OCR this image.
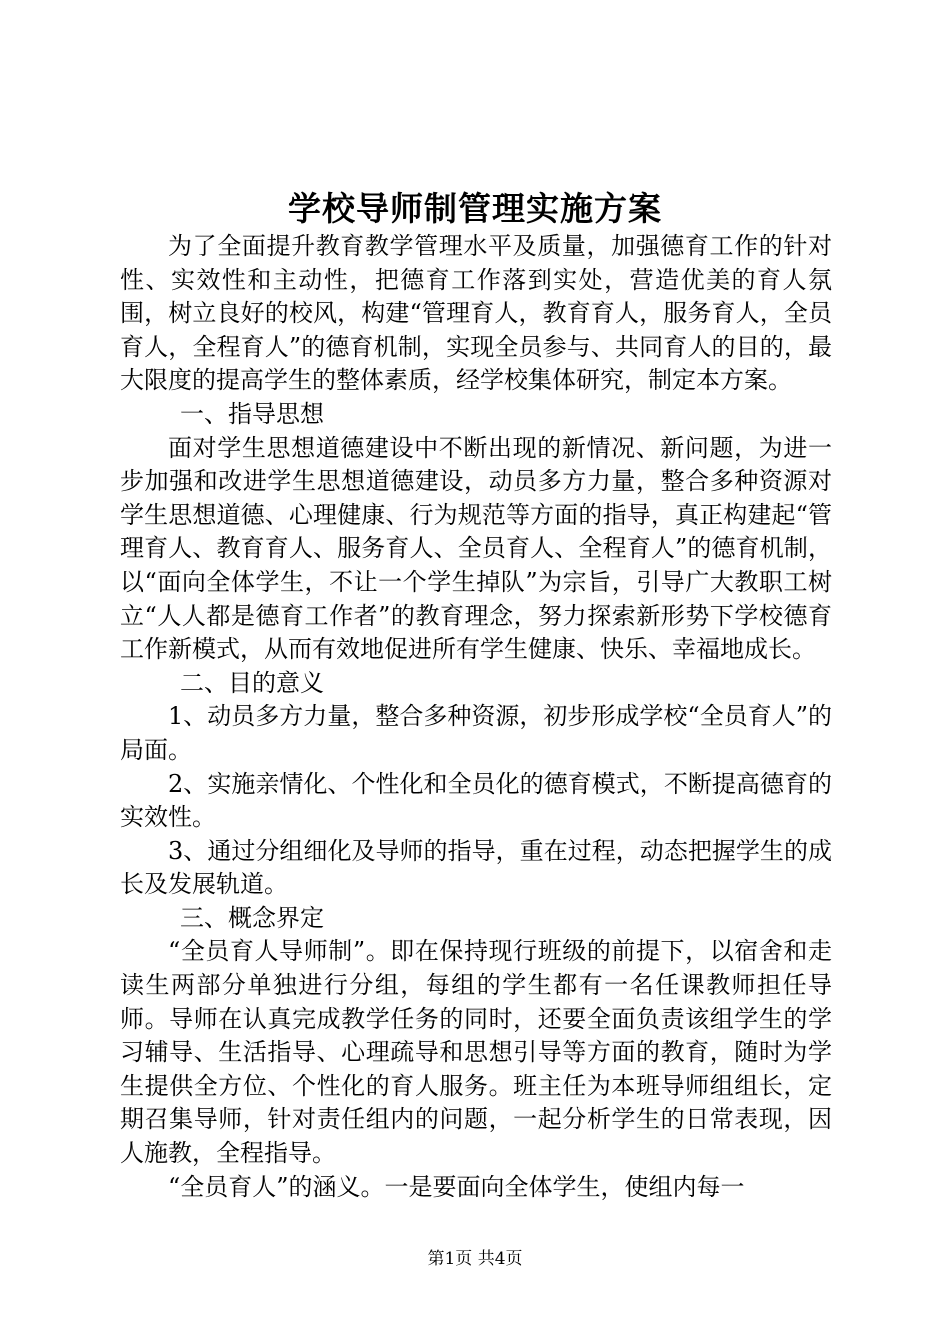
学校导师制管理实施方案

为了全面提升教育教学管理水平及质量，加强德育工作的针对性、实效性和主动性，把德育工作落到实处，营造优美的育人氛围，树立良好的校风，构建“管理育人，教育育人，服务育人，全员育人，全程育人”的德育机制，实现全员参与、共同育人的目的，最大限度的提高学生的整体素质，经学校集体研究，制定本方案。

一、指导思想

面对学生思想道德建设中不断出现的新情况、新问题，为进一步加强和改进学生思想道德建设，动员多方力量，整合多种资源对学生思想道德、心理健康、行为规范等方面的指导，真正构建起“管理育人、教育育人、服务育人、全员育人、全程育人”的德育机制，以“面向全体学生，不让一个学生掉队”为宗旨，引导广大教职工树立“人人都是德育工作者”的教育理念，努力探索新形势下学校德育工作新模式，从而有效地促进所有学生健康、快乐、幸福地成长。

二、目的意义

1、动员多方力量，整合多种资源，初步形成学校“全员育人”的局面。

2、实施亲情化、个性化和全员化的德育模式，不断提高德育的实效性。

3、通过分组细化及导师的指导，重在过程，动态把握学生的成长及发展轨道。

三、概念界定

“全员育人导师制”。即在保持现行班级的前提下，以宿舍和走读生两部分单独进行分组，每组的学生都有一名任课教师担任导师。导师在认真完成教学任务的同时，还要全面负责该组学生的学习辅导、生活指导、心理疏导和思想引导等方面的教育，随时为学生提供全方位、个性化的育人服务。班主任为本班导师组组长，定期召集导师，针对责任组内的问题，一起分析学生的日常表现，因人施教，全程指导。

“全员育人”的涵义。一是要面向全体学生，使组内每一

第1页 共4页
